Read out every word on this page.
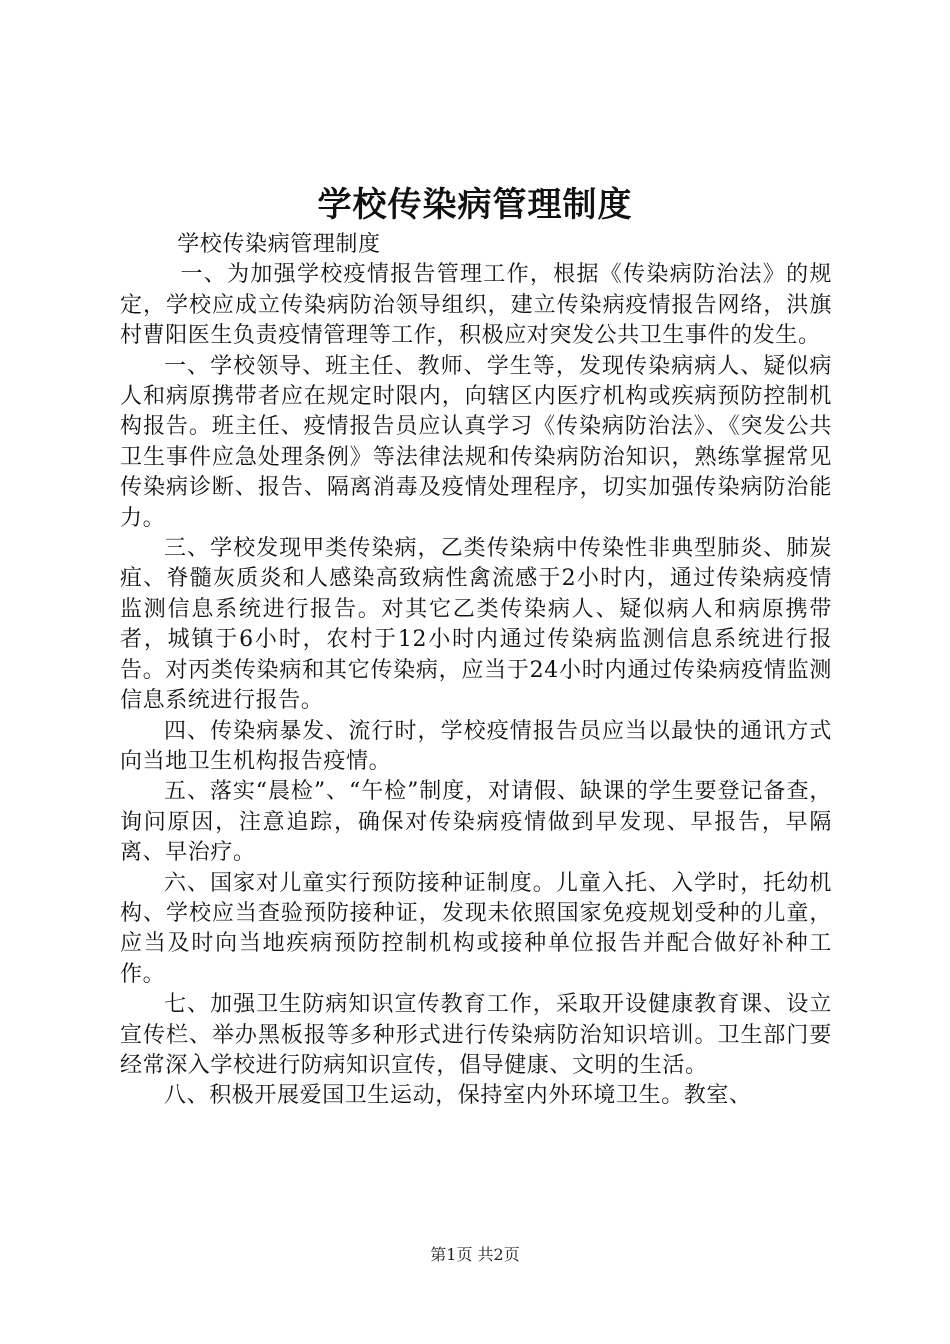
学校传染病管理制度

学校传染病管理制度

一、为加强学校疫情报告管理工作，根据《传染病防治法》的规定，学校应成立传染病防治领导组织，建立传染病疫情报告网络，洪旗村曹阳医生负责疫情管理等工作，积极应对突发公共卫生事件的发生。

一、学校领导、班主任、教师、学生等，发现传染病病人、疑似病人和病原携带者应在规定时限内，向辖区内医疗机构或疾病预防控制机构报告。班主任、疫情报告员应认真学习《传染病防治法》、《突发公共卫生事件应急处理条例》等法律法规和传染病防治知识，熟练掌握常见传染病诊断、报告、隔离消毒及疫情处理程序，切实加强传染病防治能力。

三、学校发现甲类传染病，乙类传染病中传染性非典型肺炎、肺炭疽、脊髓灰质炎和人感染高致病性禽流感于2小时内，通过传染病疫情监测信息系统进行报告。对其它乙类传染病人、疑似病人和病原携带者，城镇于6小时，农村于12小时内通过传染病监测信息系统进行报告。对丙类传染病和其它传染病，应当于24小时内通过传染病疫情监测信息系统进行报告。

四、传染病暴发、流行时，学校疫情报告员应当以最快的通讯方式向当地卫生机构报告疫情。

五、落实“晨检”、“午检”制度，对请假、缺课的学生要登记备查，询问原因，注意追踪，确保对传染病疫情做到早发现、早报告，早隔离、早治疗。

六、国家对儿童实行预防接种证制度。儿童入托、入学时，托幼机构、学校应当查验预防接种证，发现未依照国家免疫规划受种的儿童，应当及时向当地疾病预防控制机构或接种单位报告并配合做好补种工作。

七、加强卫生防病知识宣传教育工作，采取开设健康教育课、设立宣传栏、举办黑板报等多种形式进行传染病防治知识培训。卫生部门要经常深入学校进行防病知识宣传，倡导健康、文明的生活。

八、积极开展爱国卫生运动，保持室内外环境卫生。教室、

第1页 共2页
